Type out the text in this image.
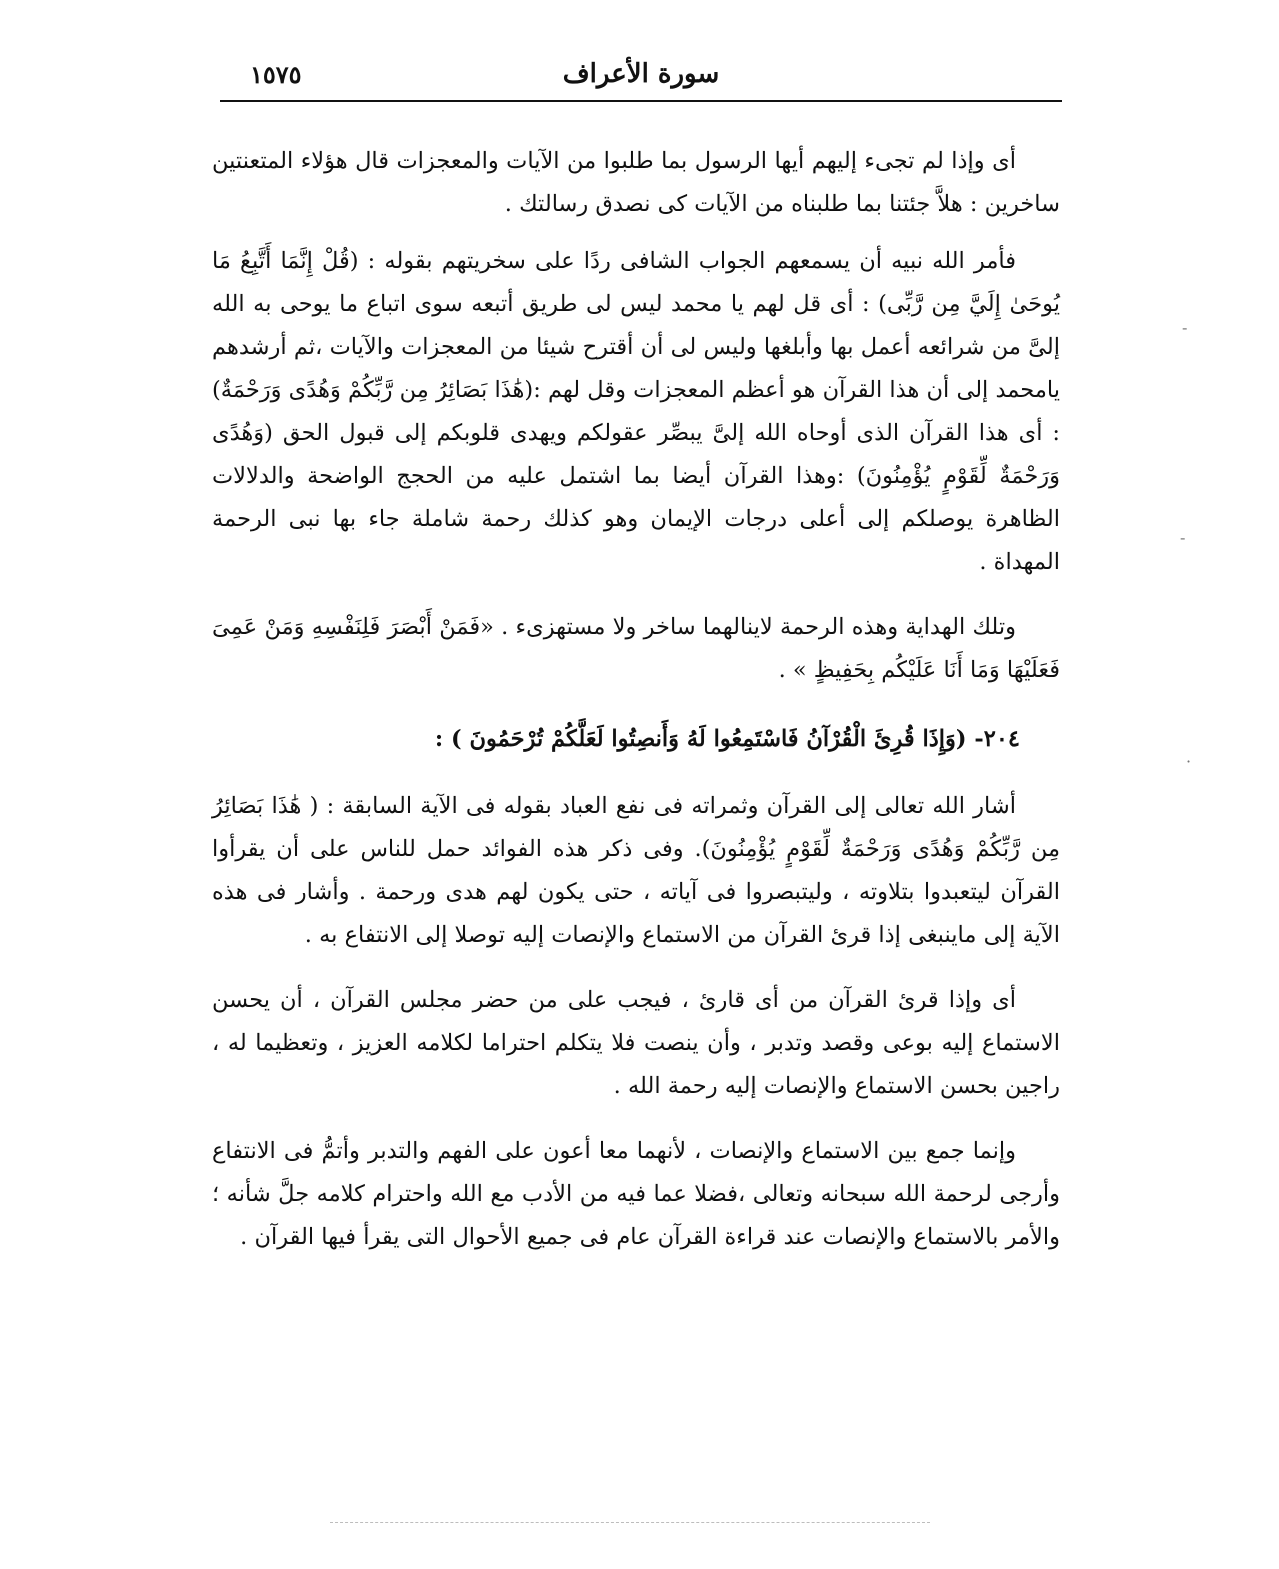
سورة الأعراف
١٥٧٥

أى وإذا لم تجىء إليهم أيها الرسول بما طلبوا من الآيات والمعجزات قال هؤلاء المتعنتين ساخرين : هلاَّ جئتنا بما طلبناه من الآيات كى نصدق رسالتك .

فأمر الله نبيه أن يسمعهم الجواب الشافى ردًا على سخريتهم بقوله : (قُلْ إِنَّمَا أَتَّبِعُ مَا يُوحَىٰ إِلَيَّ مِن رَّبِّى) : أى قل لهم يا محمد ليس لى طريق أتبعه سوى اتباع ما يوحى به الله إلىَّ من شرائعه أعمل بها وأبلغها وليس لى أن أقترح شيئا من المعجزات والآيات ،ثم أرشدهم يامحمد إلى أن هذا القرآن هو أعظم المعجزات وقل لهم :(هَٰذَا بَصَائِرُ مِن رَّبِّكُمْ وَهُدًى وَرَحْمَةٌ) : أى هذا القرآن الذى أوحاه الله إلىَّ يبصِّر عقولكم ويهدى قلوبكم إلى قبول الحق (وَهُدًى وَرَحْمَةٌ لِّقَوْمٍ يُؤْمِنُونَ) :وهذا القرآن أيضا بما اشتمل عليه من الحجج الواضحة والدلالات الظاهرة يوصلكم إلى أعلى درجات الإيمان وهو كذلك رحمة شاملة جاء بها نبى الرحمة المهداة .

وتلك الهداية وهذه الرحمة لاينالهما ساخر ولا مستهزىء . «فَمَنْ أَبْصَرَ فَلِنَفْسِهِ وَمَنْ عَمِىَ فَعَلَيْهَا وَمَا أَنَا عَلَيْكُم بِحَفِيظٍ » .

٢٠٤- (وَإِذَا قُرِئَ الْقُرْآنُ فَاسْتَمِعُوا لَهُ وَأَنصِتُوا لَعَلَّكُمْ تُرْحَمُونَ ) :

أشار الله تعالى إلى القرآن وثمراته فى نفع العباد بقوله فى الآية السابقة : ( هَٰذَا بَصَائِرُ مِن رَّبِّكُمْ وَهُدًى وَرَحْمَةٌ لِّقَوْمٍ يُؤْمِنُونَ). وفى ذكر هذه الفوائد حمل للناس على أن يقرأوا القرآن ليتعبدوا بتلاوته ، وليتبصروا فى آياته ، حتى يكون لهم هدى ورحمة . وأشار فى هذه الآية إلى ماينبغى إذا قرئ القرآن من الاستماع والإنصات إليه توصلا إلى الانتفاع به .

أى وإذا قرئ القرآن من أى قارئ ، فيجب على من حضر مجلس القرآن ، أن يحسن الاستماع إليه بوعى وقصد وتدبر ، وأن ينصت فلا يتكلم احتراما لكلامه العزيز ، وتعظيما له ، راجين بحسن الاستماع والإنصات إليه رحمة الله .

وإنما جمع بين الاستماع والإنصات ، لأنهما معا أعون على الفهم والتدبر وأتمُّ فى الانتفاع وأرجى لرحمة الله سبحانه وتعالى ،فضلا عما فيه من الأدب مع الله واحترام كلامه جلَّ شأنه ؛ والأمر بالاستماع والإنصات عند قراءة القرآن عام فى جميع الأحوال التى يقرأ فيها القرآن .

-
-
·
